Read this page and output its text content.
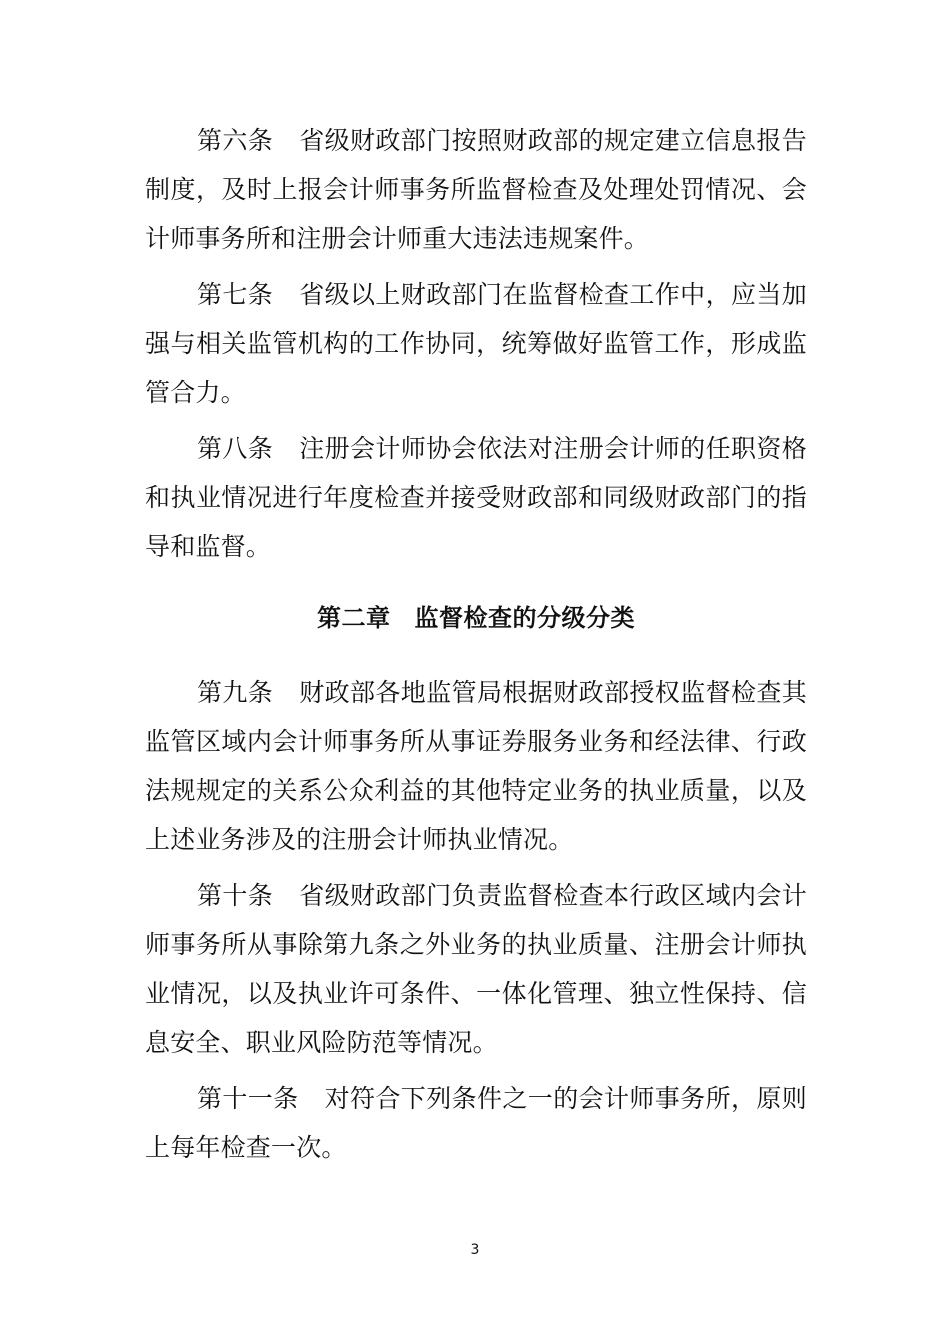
第六条 省级财政部门按照财政部的规定建立信息报告制度，及时上报会计师事务所监督检查及处理处罚情况、会计师事务所和注册会计师重大违法违规案件。

第七条 省级以上财政部门在监督检查工作中，应当加强与相关监管机构的工作协同，统筹做好监管工作，形成监管合力。

第八条 注册会计师协会依法对注册会计师的任职资格和执业情况进行年度检查并接受财政部和同级财政部门的指导和监督。

第二章 监督检查的分级分类

第九条 财政部各地监管局根据财政部授权监督检查其监管区域内会计师事务所从事证券服务业务和经法律、行政法规规定的关系公众利益的其他特定业务的执业质量，以及上述业务涉及的注册会计师执业情况。

第十条 省级财政部门负责监督检查本行政区域内会计师事务所从事除第九条之外业务的执业质量、注册会计师执业情况，以及执业许可条件、一体化管理、独立性保持、信息安全、职业风险防范等情况。

第十一条 对符合下列条件之一的会计师事务所，原则上每年检查一次。

3
